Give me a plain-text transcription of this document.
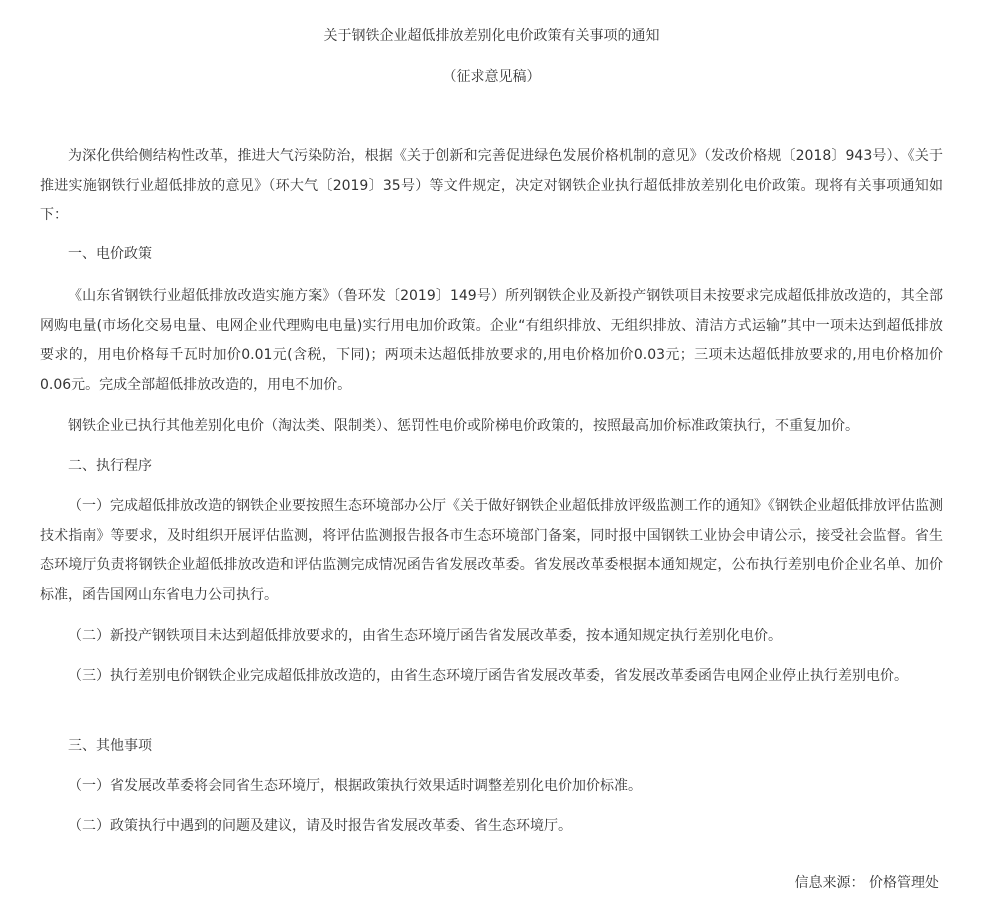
关于钢铁企业超低排放差别化电价政策有关事项的通知
（征求意见稿）

为深化供给侧结构性改革，推进大气污染防治，根据《关于创新和完善促进绿色发展价格机制的意见》（发改价格规〔2018〕943号）、《关于推进实施钢铁行业超低排放的意见》（环大气〔2019〕35号）等文件规定，决定对钢铁企业执行超低排放差别化电价政策。现将有关事项通知如下：

一、电价政策

《山东省钢铁行业超低排放改造实施方案》（鲁环发〔2019〕149号）所列钢铁企业及新投产钢铁项目未按要求完成超低排放改造的，其全部网购电量(市场化交易电量、电网企业代理购电电量)实行用电加价政策。企业“有组织排放、无组织排放、清洁方式运输”其中一项未达到超低排放要求的，用电价格每千瓦时加价0.01元(含税，下同)；两项未达超低排放要求的,用电价格加价0.03元；三项未达超低排放要求的,用电价格加价0.06元。完成全部超低排放改造的，用电不加价。

钢铁企业已执行其他差别化电价（淘汰类、限制类）、惩罚性电价或阶梯电价政策的，按照最高加价标准政策执行，不重复加价。

二、执行程序

（一）完成超低排放改造的钢铁企业要按照生态环境部办公厅《关于做好钢铁企业超低排放评级监测工作的通知》《钢铁企业超低排放评估监测技术指南》等要求，及时组织开展评估监测，将评估监测报告报各市生态环境部门备案，同时报中国钢铁工业协会申请公示，接受社会监督。省生态环境厅负责将钢铁企业超低排放改造和评估监测完成情况函告省发展改革委。省发展改革委根据本通知规定，公布执行差别电价企业名单、加价标准，函告国网山东省电力公司执行。

（二）新投产钢铁项目未达到超低排放要求的，由省生态环境厅函告省发展改革委，按本通知规定执行差别化电价。

（三）执行差别电价钢铁企业完成超低排放改造的，由省生态环境厅函告省发展改革委，省发展改革委函告电网企业停止执行差别电价。

三、其他事项

（一）省发展改革委将会同省生态环境厅，根据政策执行效果适时调整差别化电价加价标准。

（二）政策执行中遇到的问题及建议，请及时报告省发展改革委、省生态环境厅。

信息来源： 价格管理处
